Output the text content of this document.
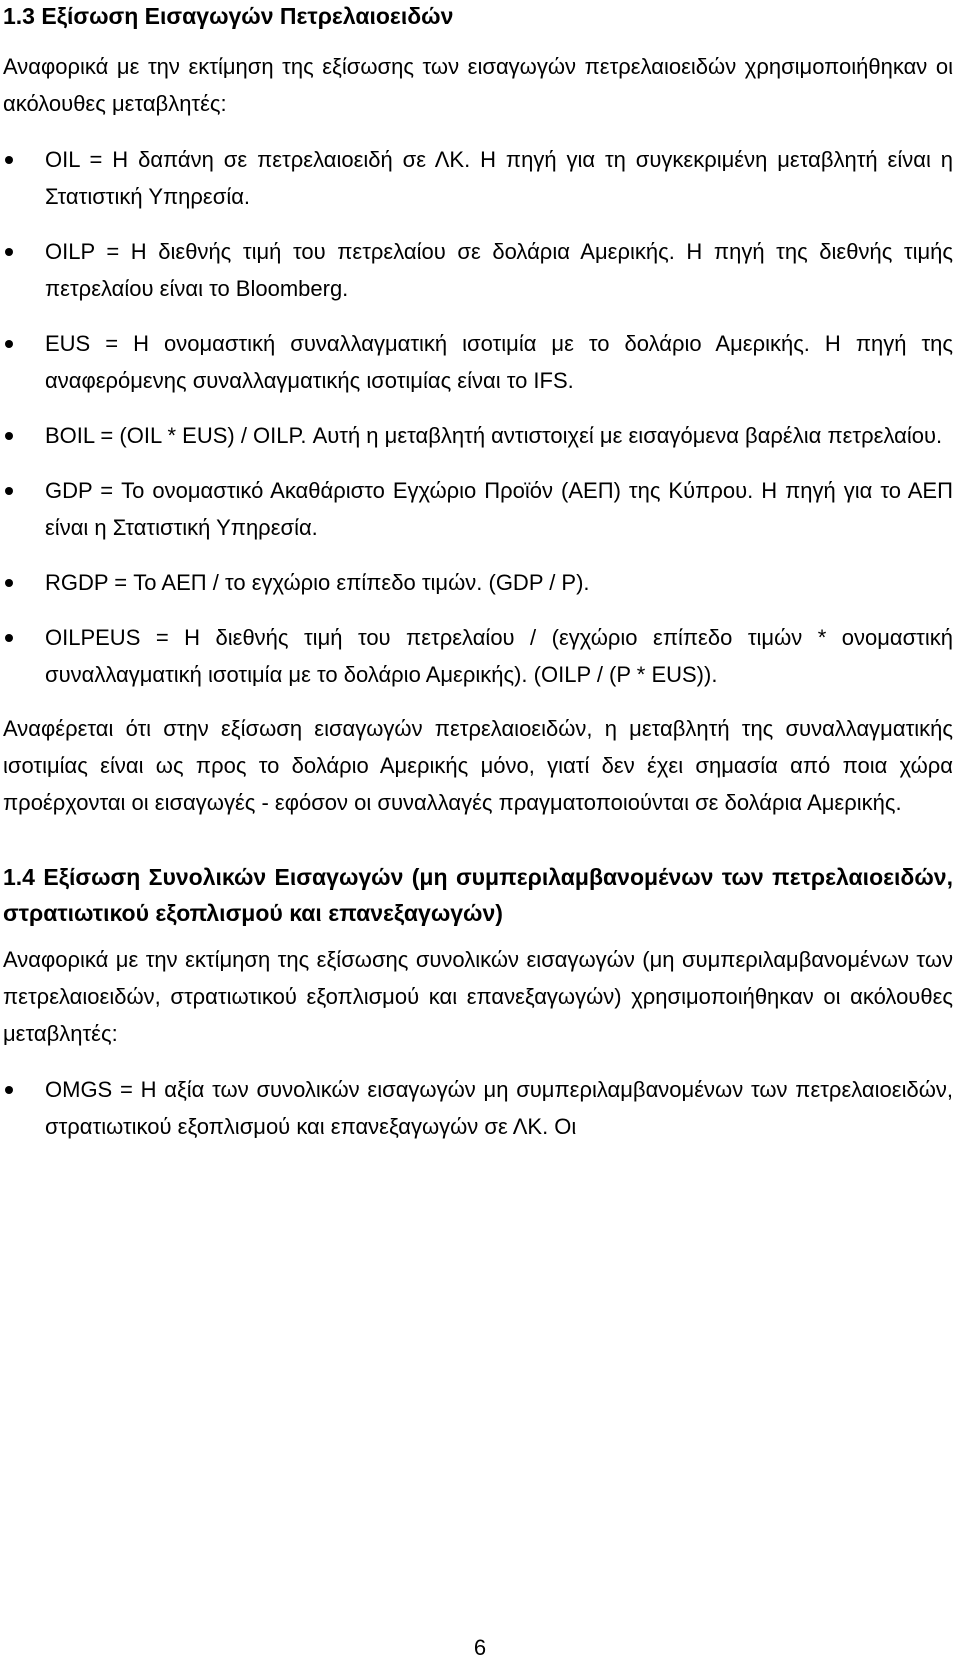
1.3 Εξίσωση Εισαγωγών Πετρελαιοειδών

Αναφορικά με την εκτίμηση της εξίσωσης των εισαγωγών πετρελαιοειδών χρησιμοποιήθηκαν οι ακόλουθες μεταβλητές:

OIL = Η δαπάνη σε πετρελαιοειδή σε ΛΚ. Η πηγή για τη συγκεκριμένη μεταβλητή είναι η Στατιστική Υπηρεσία.
OILP = Η διεθνής τιμή του πετρελαίου σε δολάρια Αμερικής. Η πηγή της διεθνής τιμής πετρελαίου είναι το Bloomberg.
EUS = Η ονομαστική συναλλαγματική ισοτιμία με το δολάριο Αμερικής. Η πηγή της αναφερόμενης συναλλαγματικής ισοτιμίας είναι το IFS.
BOIL = (OIL * EUS) / OILP. Αυτή η μεταβλητή αντιστοιχεί με εισαγόμενα βαρέλια πετρελαίου.
GDP = Το ονομαστικό Ακαθάριστο Εγχώριο Προϊόν (ΑΕΠ) της Κύπρου. Η πηγή για το ΑΕΠ είναι η Στατιστική Υπηρεσία.
RGDP = Το ΑΕΠ / το εγχώριο επίπεδο τιμών. (GDP / P).
OILPEUS = Η διεθνής τιμή του πετρελαίου / (εγχώριο επίπεδο τιμών * ονομαστική συναλλαγματική ισοτιμία με το δολάριο Αμερικής). (OILP / (P * EUS)).

Αναφέρεται ότι στην εξίσωση εισαγωγών πετρελαιοειδών, η μεταβλητή της συναλλαγματικής ισοτιμίας είναι ως προς το δολάριο Αμερικής μόνο, γιατί δεν έχει σημασία από ποια χώρα προέρχονται οι εισαγωγές - εφόσον οι συναλλαγές πραγματοποιούνται σε δολάρια Αμερικής.

1.4 Εξίσωση Συνολικών Εισαγωγών (μη συμπεριλαμβανομένων των πετρελαιοειδών, στρατιωτικού εξοπλισμού και επανεξαγωγών)

Αναφορικά με την εκτίμηση της εξίσωσης συνολικών εισαγωγών (μη συμπεριλαμβανομένων των πετρελαιοειδών, στρατιωτικού εξοπλισμού και επανεξαγωγών) χρησιμοποιήθηκαν οι ακόλουθες μεταβλητές:

OMGS = Η αξία των συνολικών εισαγωγών μη συμπεριλαμβανομένων των πετρελαιοειδών, στρατιωτικού εξοπλισμού και επανεξαγωγών σε ΛΚ. Οι
6
